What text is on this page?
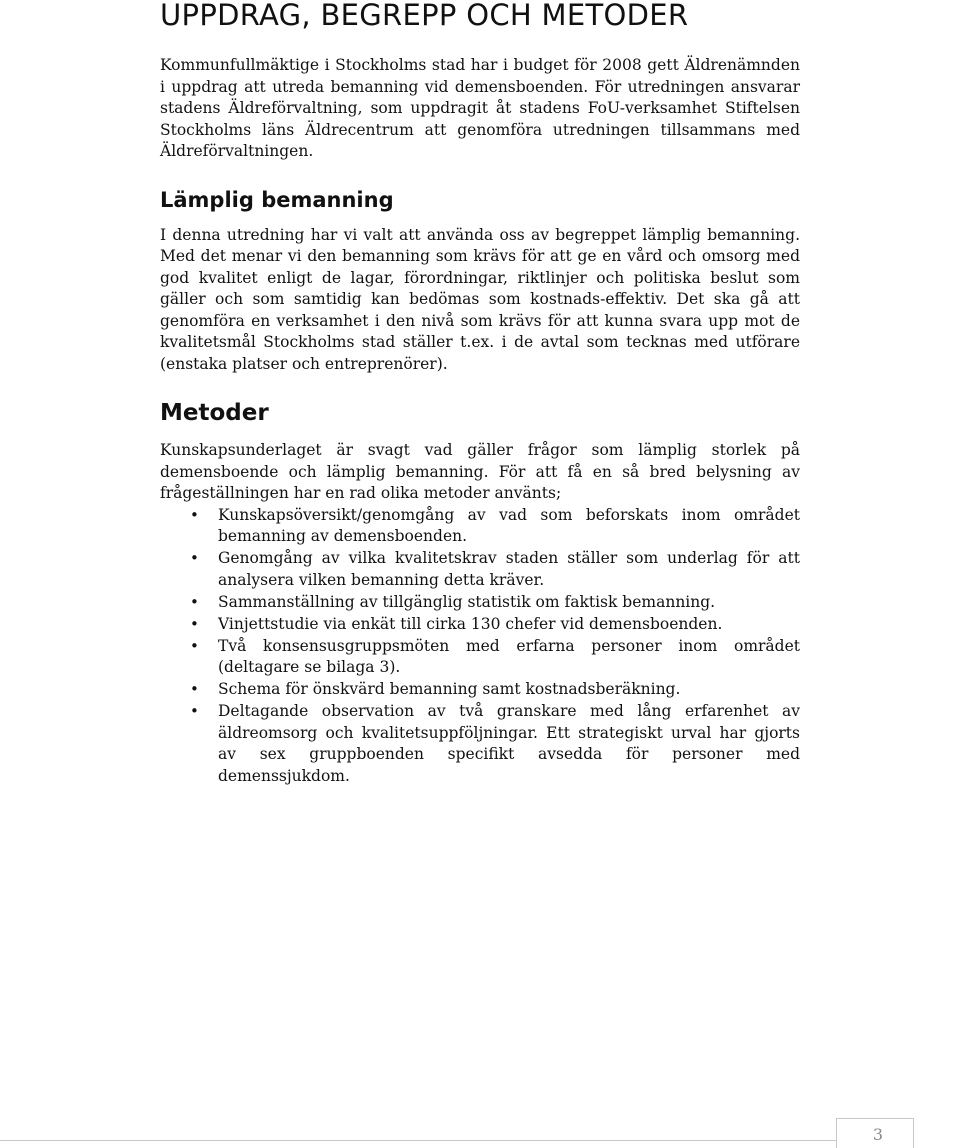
UPPDRAG, BEGREPP OCH METODER

Kommunfullmäktige i Stockholms stad har i budget för 2008 gett Äldrenämnden i uppdrag att utreda bemanning vid demensboenden. För utredningen ansvarar stadens Äldreförvaltning, som uppdragit åt stadens FoU-verksamhet Stiftelsen Stockholms läns Äldrecentrum att genomföra utredningen tillsammans med Äldreförvaltningen.

Lämplig bemanning

I denna utredning har vi valt att använda oss av begreppet lämplig bemanning. Med det menar vi den bemanning som krävs för att ge en vård och omsorg med god kvalitet enligt de lagar, förordningar, riktlinjer och politiska beslut som gäller och som samtidig kan bedömas som kostnads-effektiv. Det ska gå att genomföra en verksamhet i den nivå som krävs för att kunna svara upp mot de kvalitetsmål Stockholms stad ställer t.ex. i de avtal som tecknas med utförare (enstaka platser och entreprenörer).

Metoder

Kunskapsunderlaget är svagt vad gäller frågor som lämplig storlek på demensboende och lämplig bemanning. För att få en så bred belysning av frågeställningen har en rad olika metoder använts;

• Kunskapsöversikt/genomgång av vad som beforskats inom området bemanning av demensboenden.
• Genomgång av vilka kvalitetskrav staden ställer som underlag för att analysera vilken bemanning detta kräver.
• Sammanställning av tillgänglig statistik om faktisk bemanning.
• Vinjettstudie via enkät till cirka 130 chefer vid demensboenden.
• Två konsensusgruppsmöten med erfarna personer inom området (deltagare se bilaga 3).
• Schema för önskvärd bemanning samt kostnadsberäkning.
• Deltagande observation av två granskare med lång erfarenhet av äldreomsorg och kvalitetsuppföljningar. Ett strategiskt urval har gjorts av sex gruppboenden specifikt avsedda för personer med demenssjukdom.
3
